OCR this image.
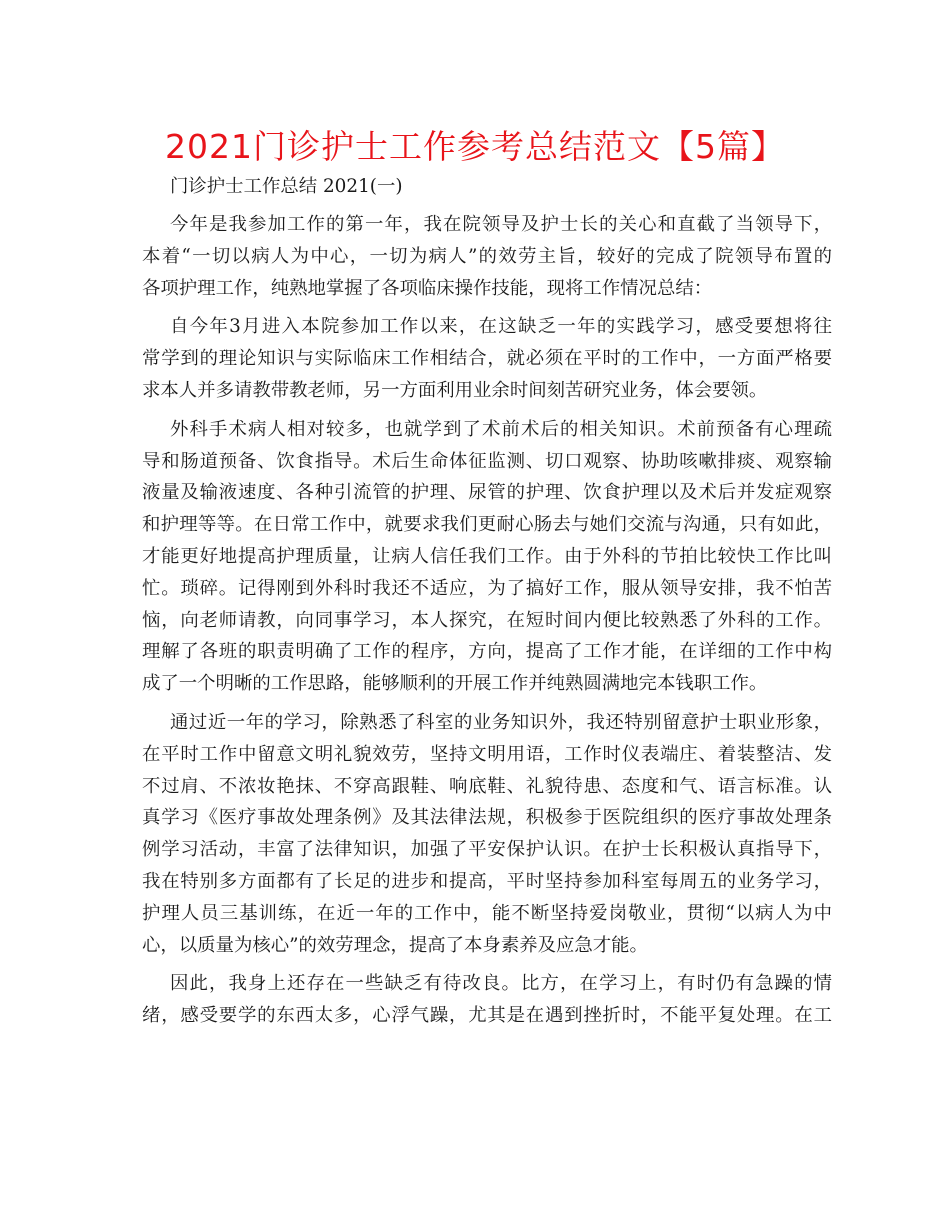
2021门诊护士工作参考总结范文【5篇】
门诊护士工作总结 2021(一)
今年是我参加工作的第一年，我在院领导及护士长的关心和直截了当领导下，
本着“一切以病人为中心，一切为病人”的效劳主旨，较好的完成了院领导布置的
各项护理工作，纯熟地掌握了各项临床操作技能，现将工作情况总结：
自今年3月进入本院参加工作以来，在这缺乏一年的实践学习，感受要想将往
常学到的理论知识与实际临床工作相结合，就必须在平时的工作中，一方面严格要
求本人并多请教带教老师，另一方面利用业余时间刻苦研究业务，体会要领。
外科手术病人相对较多，也就学到了术前术后的相关知识。术前预备有心理疏
导和肠道预备、饮食指导。术后生命体征监测、切口观察、协助咳嗽排痰、观察输
液量及输液速度、各种引流管的护理、尿管的护理、饮食护理以及术后并发症观察
和护理等等。在日常工作中，就要求我们更耐心肠去与她们交流与沟通，只有如此，
才能更好地提高护理质量，让病人信任我们工作。由于外科的节拍比较快工作比叫
忙。琐碎。记得刚到外科时我还不适应，为了搞好工作，服从领导安排，我不怕苦
恼，向老师请教，向同事学习，本人探究，在短时间内便比较熟悉了外科的工作。
理解了各班的职责明确了工作的程序，方向，提高了工作才能，在详细的工作中构
成了一个明晰的工作思路，能够顺利的开展工作并纯熟圆满地完本钱职工作。
通过近一年的学习，除熟悉了科室的业务知识外，我还特别留意护士职业形象，
在平时工作中留意文明礼貌效劳，坚持文明用语，工作时仪表端庄、着装整洁、发
不过肩、不浓妆艳抹、不穿高跟鞋、响底鞋、礼貌待患、态度和气、语言标准。认
真学习《医疗事故处理条例》及其法律法规，积极参于医院组织的医疗事故处理条
例学习活动，丰富了法律知识，加强了平安保护认识。在护士长积极认真指导下，
我在特别多方面都有了长足的进步和提高，平时坚持参加科室每周五的业务学习，
护理人员三基训练，在近一年的工作中，能不断坚持爱岗敬业，贯彻“以病人为中
心，以质量为核心”的效劳理念，提高了本身素养及应急才能。
因此，我身上还存在一些缺乏有待改良。比方，在学习上，有时仍有急躁的情
绪，感受要学的东西太多，心浮气躁，尤其是在遇到挫折时，不能平复处理。在工
